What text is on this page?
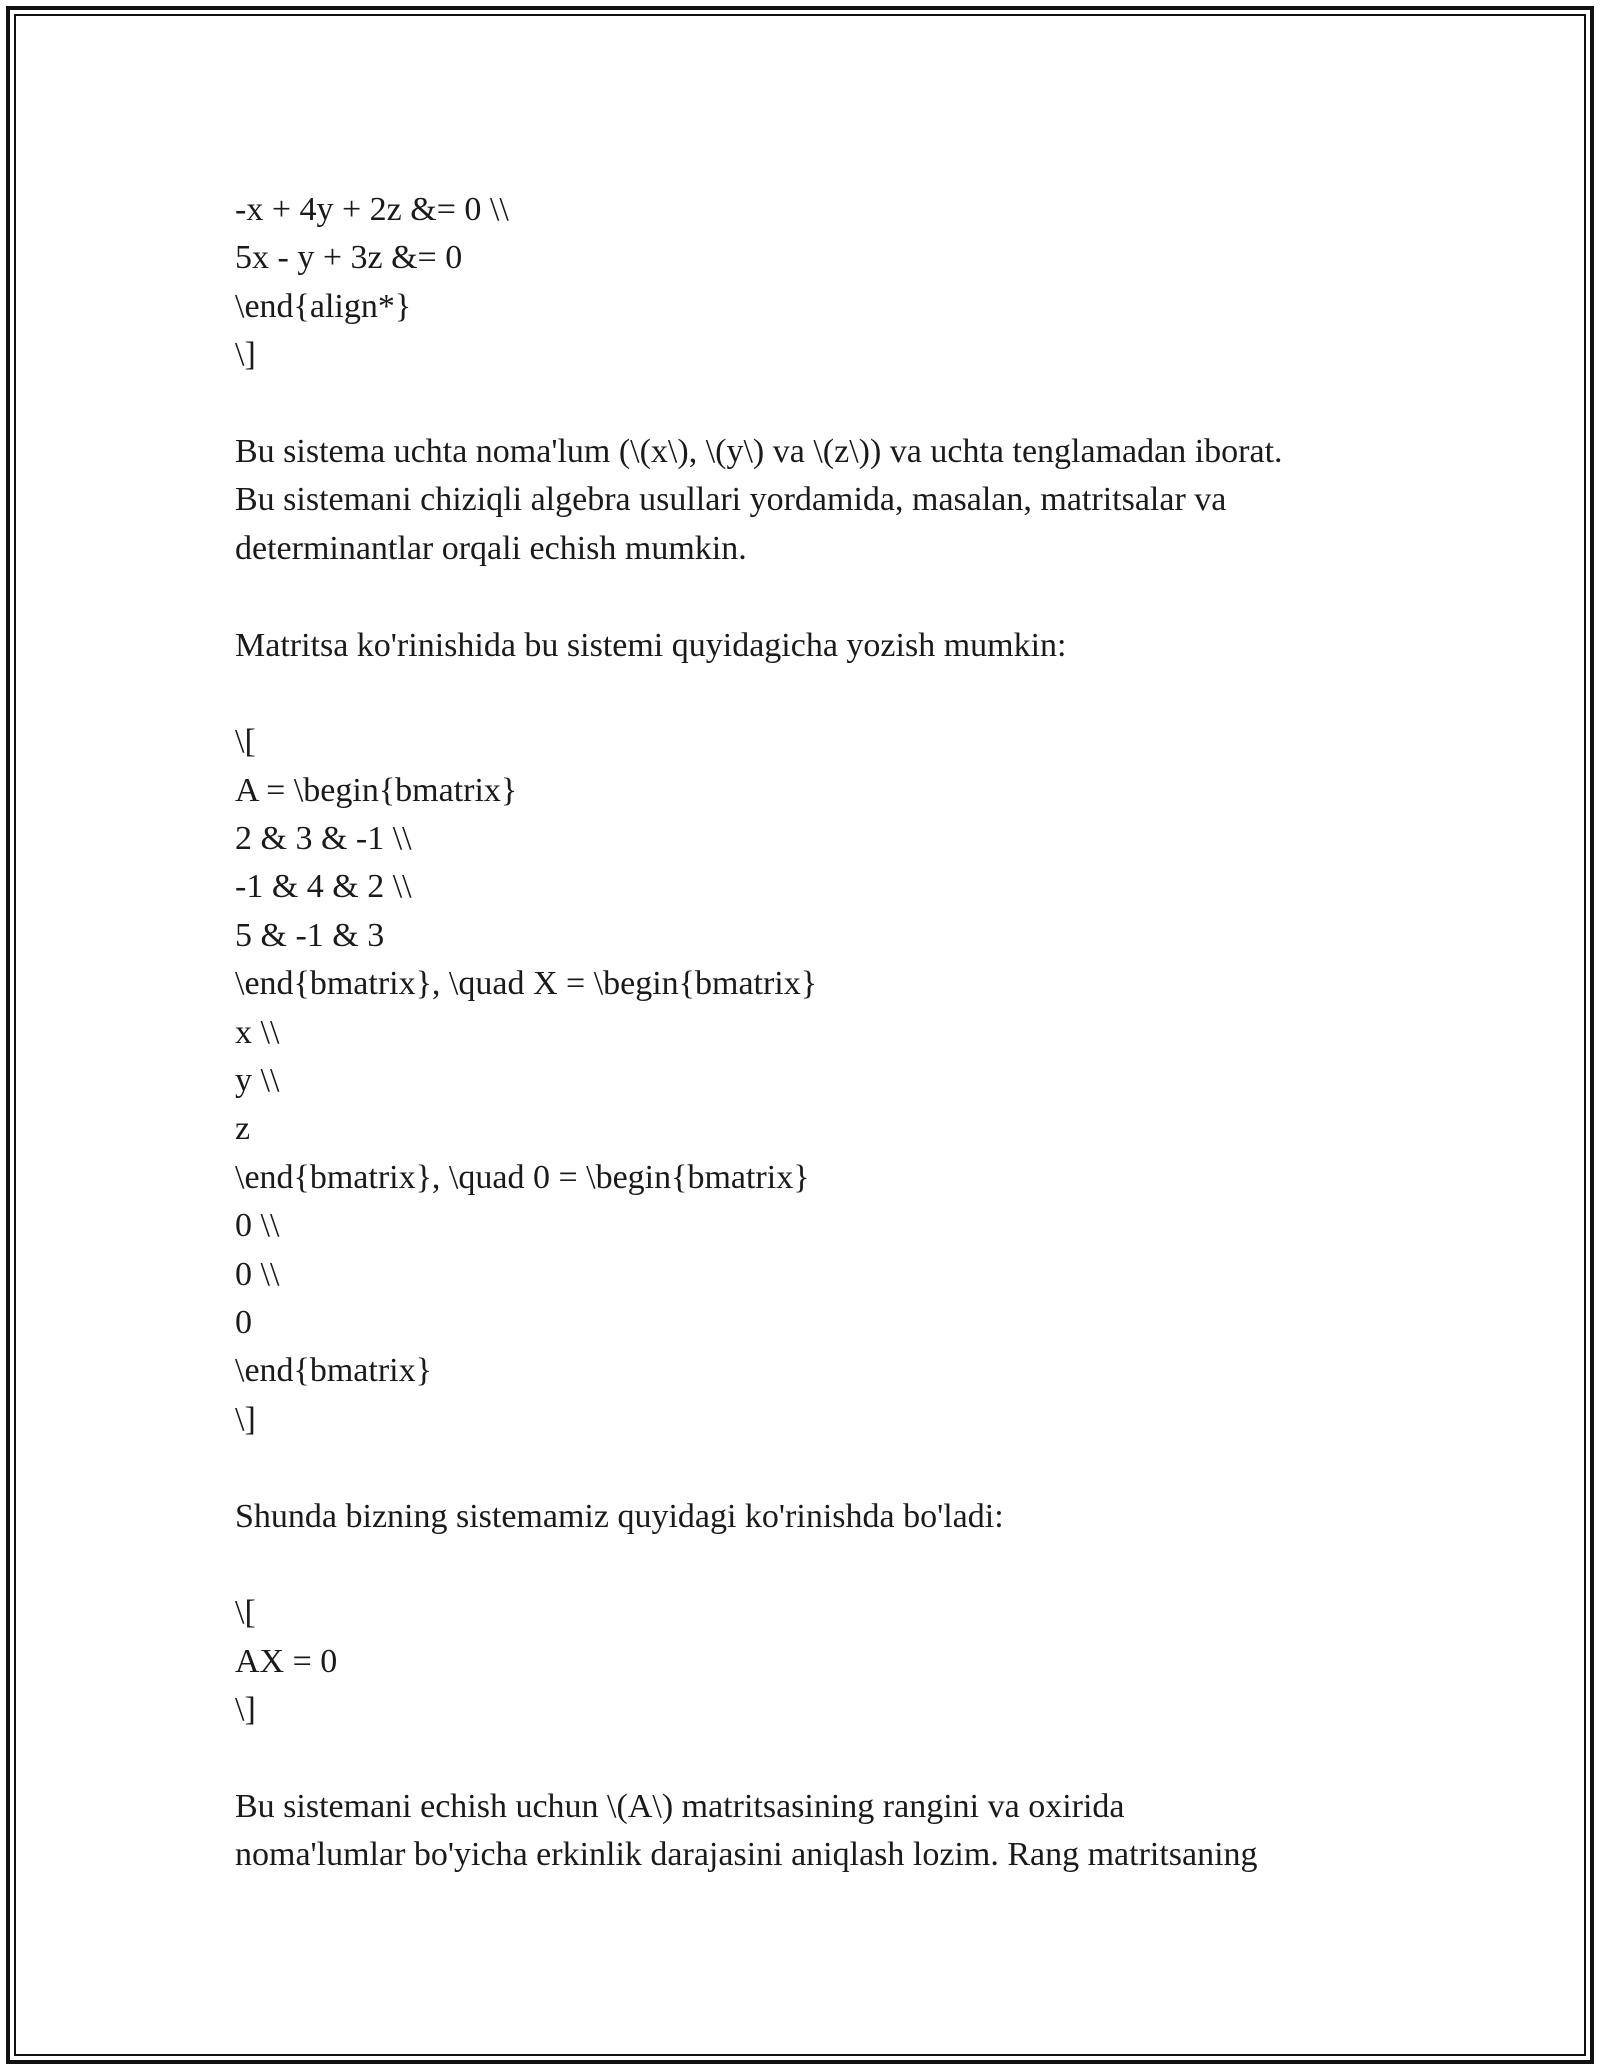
-x + 4y + 2z &= 0 \\
5x - y + 3z &= 0
\end{align*}
\]
Bu sistema uchta noma'lum (\(x\), \(y\) va \(z\)) va uchta tenglamadan iborat.
Bu sistemani chiziqli algebra usullari yordamida, masalan, matritsalar va
determinantlar orqali echish mumkin.
Matritsa ko'rinishida bu sistemi quyidagicha yozish mumkin:
\[
A = \begin{bmatrix}
2 & 3 & -1 \\
-1 & 4 & 2 \\
5 & -1 & 3
\end{bmatrix}, \quad X = \begin{bmatrix}
x \\
y \\
z
\end{bmatrix}, \quad 0 = \begin{bmatrix}
0 \\
0 \\
0
\end{bmatrix}
\]
Shunda bizning sistemamiz quyidagi ko'rinishda bo'ladi:
\[
AX = 0
\]
Bu sistemani echish uchun \(A\) matritsasining rangini va oxirida
noma'lumlar bo'yicha erkinlik darajasini aniqlash lozim. Rang matritsaning
